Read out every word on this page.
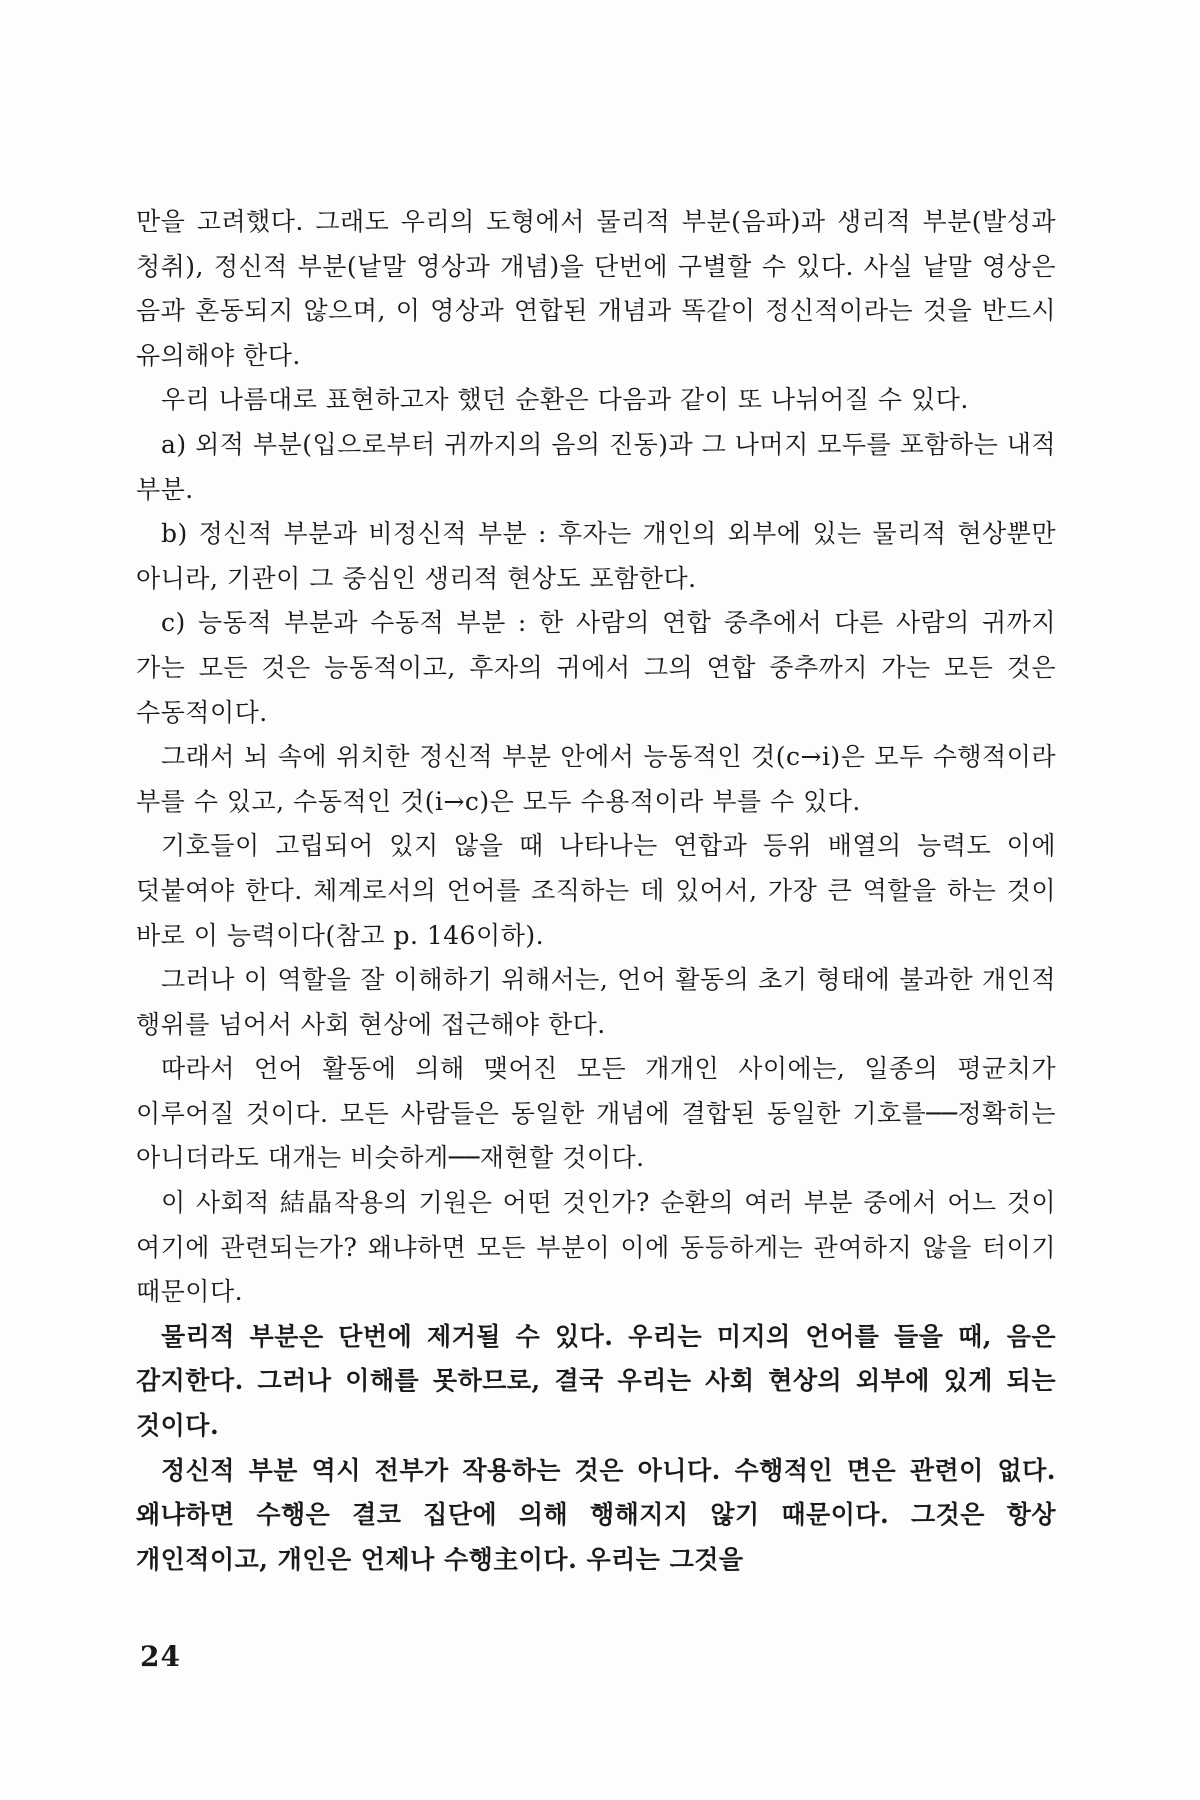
만을 고려했다. 그래도 우리의 도형에서 물리적 부분(음파)과 생리적 부분(발성과 청취), 정신적 부분(낱말 영상과 개념)을 단번에 구별할 수 있다. 사실 낱말 영상은 음과 혼동되지 않으며, 이 영상과 연합된 개념과 똑같이 정신적이라는 것을 반드시 유의해야 한다.

우리 나름대로 표현하고자 했던 순환은 다음과 같이 또 나뉘어질 수 있다.

a) 외적 부분(입으로부터 귀까지의 음의 진동)과 그 나머지 모두를 포함하는 내적 부분.

b) 정신적 부분과 비정신적 부분 : 후자는 개인의 외부에 있는 물리적 현상뿐만 아니라, 기관이 그 중심인 생리적 현상도 포함한다.

c) 능동적 부분과 수동적 부분 : 한 사람의 연합 중추에서 다른 사람의 귀까지 가는 모든 것은 능동적이고, 후자의 귀에서 그의 연합 중추까지 가는 모든 것은 수동적이다.

그래서 뇌 속에 위치한 정신적 부분 안에서 능동적인 것(c→i)은 모두 수행적이라 부를 수 있고, 수동적인 것(i→c)은 모두 수용적이라 부를 수 있다.

기호들이 고립되어 있지 않을 때 나타나는 연합과 등위 배열의 능력도 이에 덧붙여야 한다. 체계로서의 언어를 조직하는 데 있어서, 가장 큰 역할을 하는 것이 바로 이 능력이다(참고 p. 146이하).

그러나 이 역할을 잘 이해하기 위해서는, 언어 활동의 초기 형태에 불과한 개인적 행위를 넘어서 사회 현상에 접근해야 한다.

따라서 언어 활동에 의해 맺어진 모든 개개인 사이에는, 일종의 평균치가 이루어질 것이다. 모든 사람들은 동일한 개념에 결합된 동일한 기호를──정확히는 아니더라도 대개는 비슷하게──재현할 것이다.

이 사회적 結晶작용의 기원은 어떤 것인가? 순환의 여러 부분 중에서 어느 것이 여기에 관련되는가? 왜냐하면 모든 부분이 이에 동등하게는 관여하지 않을 터이기 때문이다.

물리적 부분은 단번에 제거될 수 있다. 우리는 미지의 언어를 들을 때, 음은 감지한다. 그러나 이해를 못하므로, 결국 우리는 사회 현상의 외부에 있게 되는 것이다.

정신적 부분 역시 전부가 작용하는 것은 아니다. 수행적인 면은 관련이 없다. 왜냐하면 수행은 결코 집단에 의해 행해지지 않기 때문이다. 그것은 항상 개인적이고, 개인은 언제나 수행主이다. 우리는 그것을

24
